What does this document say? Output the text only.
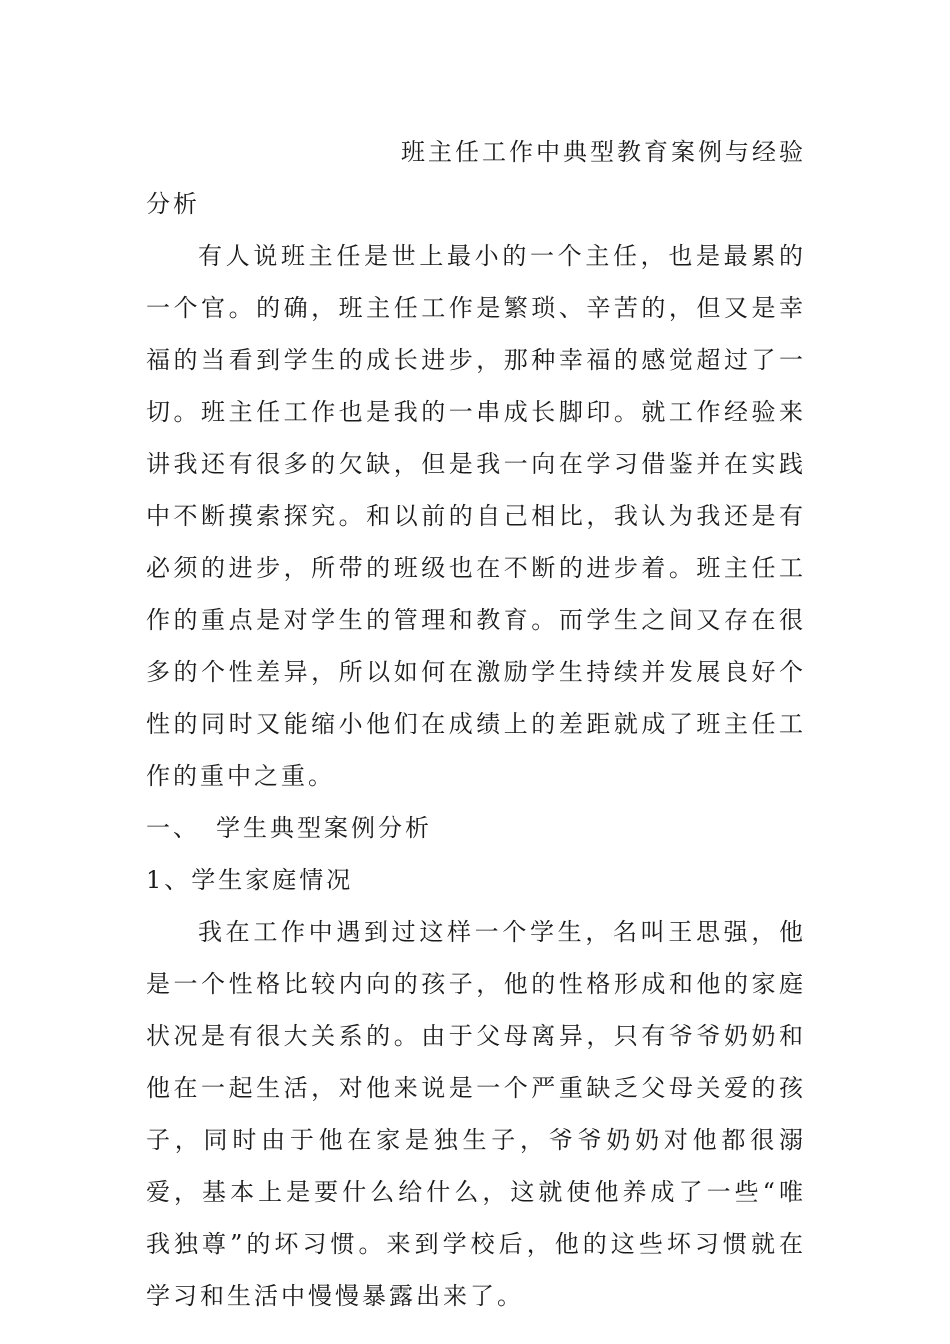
班主任工作中典型教育案例与经验

分析

有人说班主任是世上最小的一个主任，也是最累的一个官。的确，班主任工作是繁琐、辛苦的，但又是幸福的当看到学生的成长进步，那种幸福的感觉超过了一切。班主任工作也是我的一串成长脚印。就工作经验来讲我还有很多的欠缺，但是我一向在学习借鉴并在实践中不断摸索探究。和以前的自己相比，我认为我还是有必须的进步，所带的班级也在不断的进步着。班主任工作的重点是对学生的管理和教育。而学生之间又存在很多的个性差异，所以如何在激励学生持续并发展良好个性的同时又能缩小他们在成绩上的差距就成了班主任工作的重中之重。

一、 学生典型案例分析

1、学生家庭情况

我在工作中遇到过这样一个学生，名叫王思强，他是一个性格比较内向的孩子，他的性格形成和他的家庭状况是有很大关系的。由于父母离异，只有爷爷奶奶和他在一起生活，对他来说是一个严重缺乏父母关爱的孩子，同时由于他在家是独生子，爷爷奶奶对他都很溺爱，基本上是要什么给什么，这就使他养成了一些“唯我独尊”的坏习惯。来到学校后，他的这些坏习惯就在学习和生活中慢慢暴露出来了。
